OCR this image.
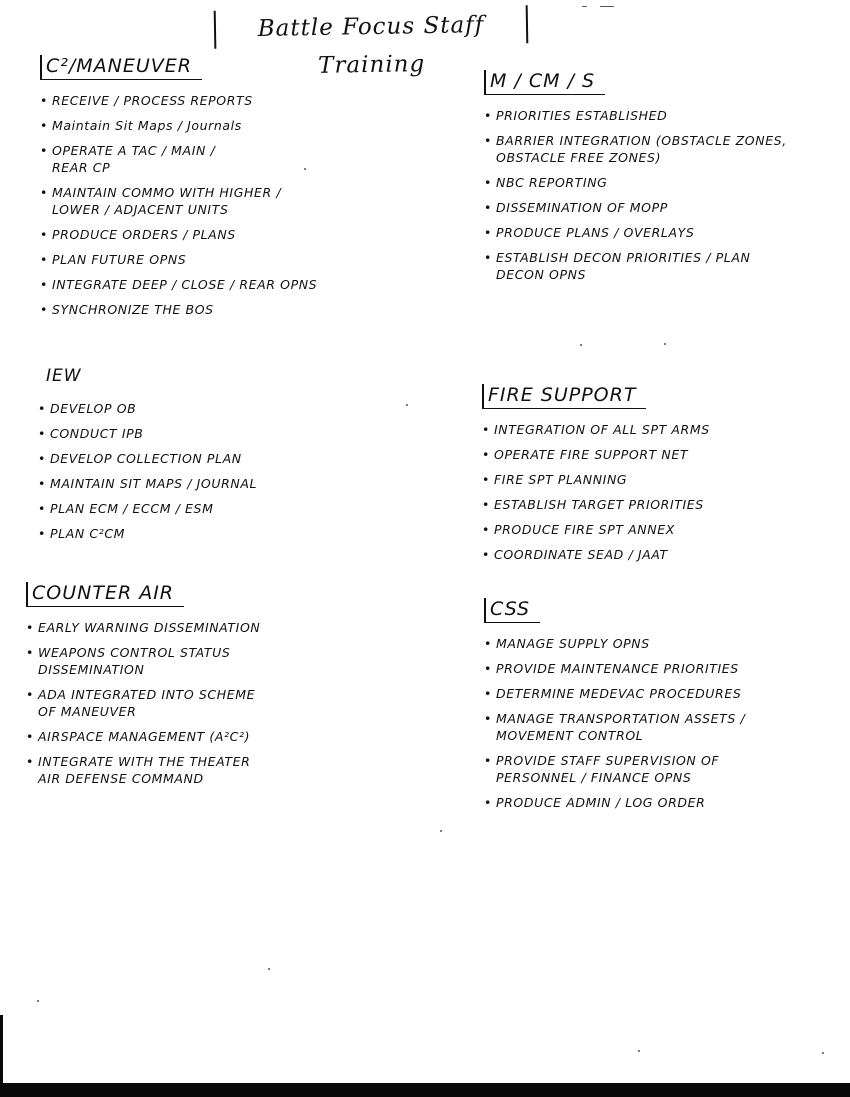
Battle Focus Staff Training
C²/MANEUVER
• RECEIVE / PROCESS REPORTS
• Maintain Sit Maps / Journals
• OPERATE A TAC / MAIN /
REAR CP
• MAINTAIN COMMO WITH HIGHER /
LOWER / ADJACENT UNITS
• PRODUCE ORDERS / PLANS
• PLAN FUTURE OPNS
• INTEGRATE DEEP / CLOSE / REAR OPNS
• SYNCHRONIZE THE BOS
IEW
• DEVELOP OB
• CONDUCT IPB
• DEVELOP COLLECTION PLAN
• MAINTAIN SIT MAPS / JOURNAL
• PLAN ECM / ECCM / ESM
• PLAN C²CM
COUNTER AIR
• EARLY WARNING DISSEMINATION
• WEAPONS CONTROL STATUS
DISSEMINATION
• ADA INTEGRATED INTO SCHEME
OF MANEUVER
• AIRSPACE MANAGEMENT (A²C²)
• INTEGRATE WITH THE THEATER
AIR DEFENSE COMMAND
M / CM / S
• PRIORITIES ESTABLISHED
• BARRIER INTEGRATION (OBSTACLE ZONES,
OBSTACLE FREE ZONES)
• NBC REPORTING
• DISSEMINATION OF MOPP
• PRODUCE PLANS / OVERLAYS
• ESTABLISH DECON PRIORITIES / PLAN
DECON OPNS
FIRE SUPPORT
• INTEGRATION OF ALL SPT ARMS
• OPERATE FIRE SUPPORT NET
• FIRE SPT PLANNING
• ESTABLISH TARGET PRIORITIES
• PRODUCE FIRE SPT ANNEX
• COORDINATE SEAD / JAAT
CSS
• MANAGE SUPPLY OPNS
• PROVIDE MAINTENANCE PRIORITIES
• DETERMINE MEDEVAC PROCEDURES
• MANAGE TRANSPORTATION ASSETS /
MOVEMENT CONTROL
• PROVIDE STAFF SUPERVISION OF
PERSONNEL / FINANCE OPNS
• PRODUCE ADMIN / LOG ORDER
